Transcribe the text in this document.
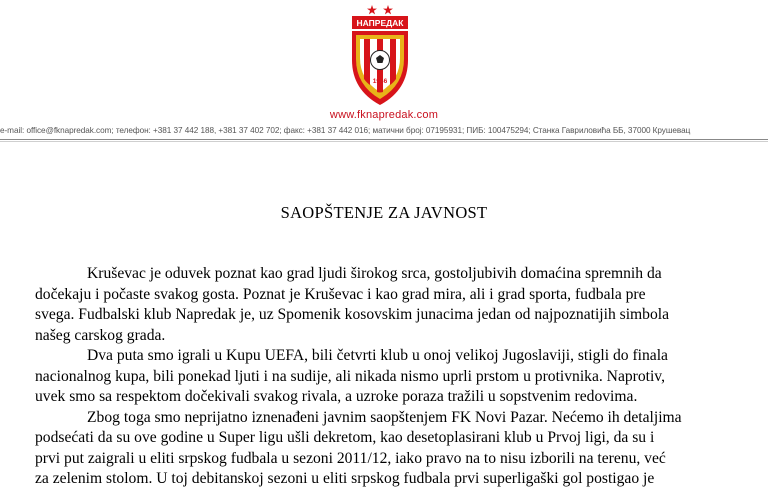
НАПРЕДАК
1946
www.fknapredak.com
e-mail: office@fknapredak.com; телефон: +381 37 442 188, +381 37 402 702; факс: +381 37 442 016; матични број: 07195931; ПИБ: 100475294; Станка Гавриловића ББ, 37000 Крушевац
SAOPŠTENJE ZA JAVNOST

Kruševac je oduvek poznat kao grad ljudi širokog srca, gostoljubivih domaćina spremnih da
dočekaju i počaste svakog gosta. Poznat je Kruševac i kao grad mira, ali i grad sporta, fudbala pre
svega. Fudbalski klub Napredak je, uz Spomenik kosovskim junacima jedan od najpoznatijih simbola
našeg carskog grada.

Dva puta smo igrali u Kupu UEFA, bili četvrti klub u onoj velikoj Jugoslaviji, stigli do finala
nacionalnog kupa, bili ponekad ljuti i na sudije, ali nikada nismo uprli prstom u protivnika. Naprotiv,
uvek smo sa respektom dočekivali svakog rivala, a uzroke poraza tražili u sopstvenim redovima.

Zbog toga smo neprijatno iznenađeni javnim saopštenjem FK Novi Pazar. Nećemo ih detaljima
podsećati da su ove godine u Super ligu ušli dekretom, kao desetoplasirani klub u Prvoj ligi, da su i
prvi put zaigrali u eliti srpskog fudbala u sezoni 2011/12, iako pravo na to nisu izborili na terenu, već
za zelenim stolom. U toj debitanskoj sezoni u eliti srpskog fudbala prvi superligaški gol postigao je
